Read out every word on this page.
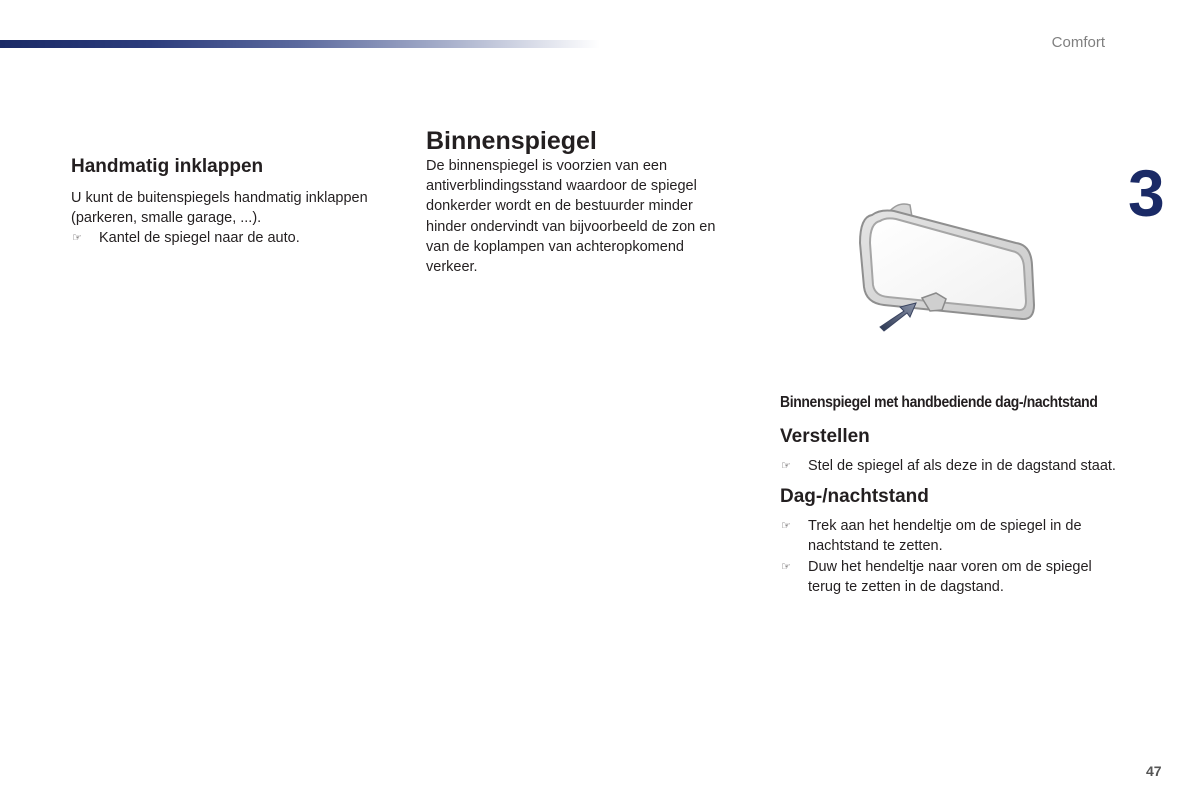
Comfort
3
Handmatig inklappen

U kunt de buitenspiegels handmatig inklappen (parkeren, smalle garage, ...).

☞	Kantel de spiegel naar de auto.
Binnenspiegel

De binnenspiegel is voorzien van een antiverblindingsstand waardoor de spiegel donkerder wordt en de bestuurder minder hinder ondervindt van bijvoorbeeld de zon en van de koplampen van achteropkomend verkeer.

Binnenspiegel met handbediende dag-/nachtstand
Verstellen
☞	Stel de spiegel af als deze in de dagstand staat.
Dag-/nachtstand
☞	Trek aan het hendeltje om de spiegel in de nachtstand te zetten.
☞	Duw het hendeltje naar voren om de spiegel terug te zetten in de dagstand.
47
